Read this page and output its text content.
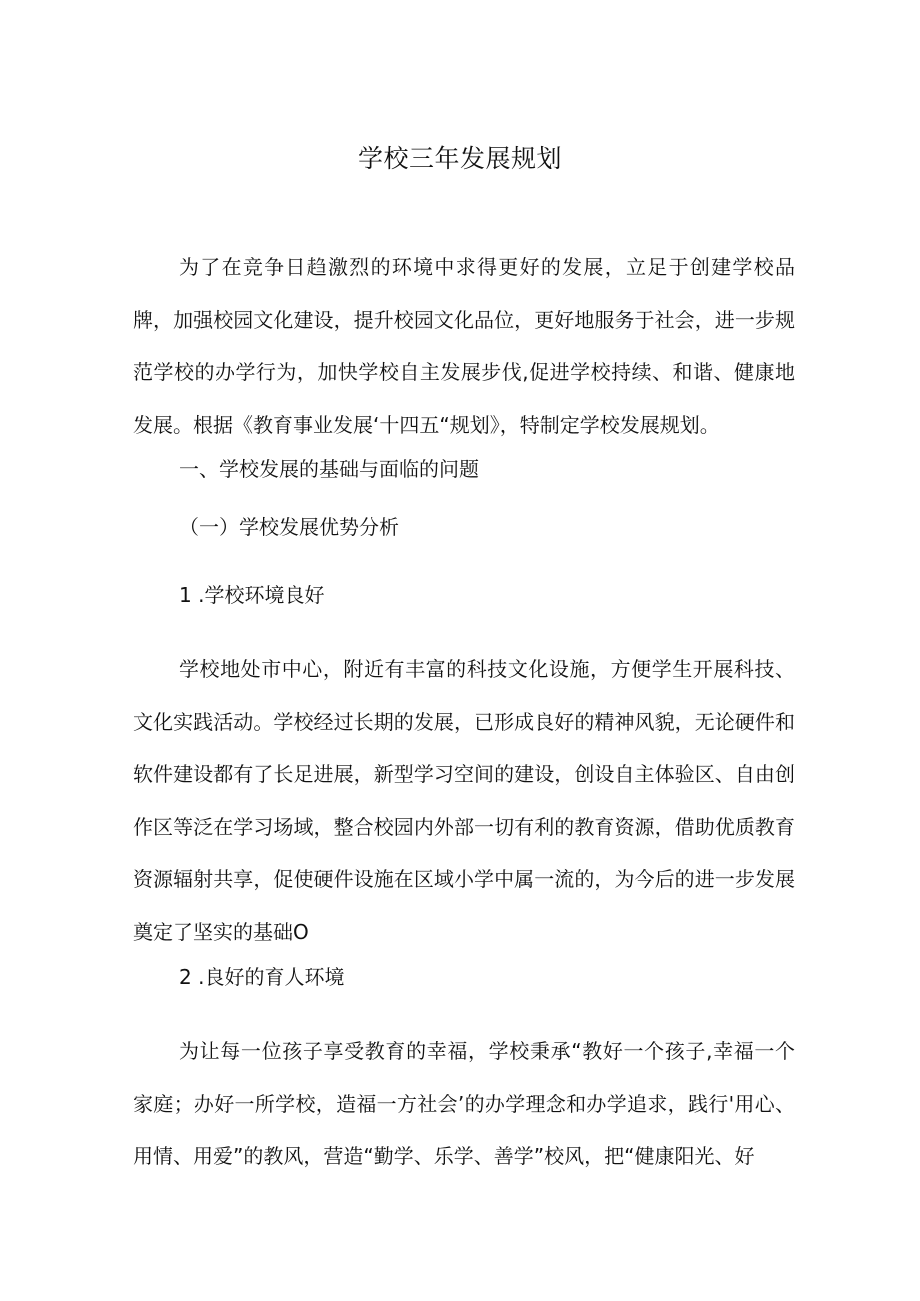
学校三年发展规划

为了在竞争日趋激烈的环境中求得更好的发展，立足于创建学校品牌，加强校园文化建设，提升校园文化品位，更好地服务于社会，进一步规范学校的办学行为，加快学校自主发展步伐,促进学校持续、和谐、健康地发展。根据《教育事业发展‘十四五“规划》，特制定学校发展规划。

一、学校发展的基础与面临的问题

（一）学校发展优势分析

1 .学校环境良好

学校地处市中心，附近有丰富的科技文化设施，方便学生开展科技、文化实践活动。学校经过长期的发展，已形成良好的精神风貌，无论硬件和软件建设都有了长足进展，新型学习空间的建设，创设自主体验区、自由创作区等泛在学习场域，整合校园内外部一切有利的教育资源，借助优质教育资源辐射共享，促使硬件设施在区域小学中属一流的，为今后的进一步发展奠定了坚实的基础O

2 .良好的育人环境

为让每一位孩子享受教育的幸福，学校秉承“教好一个孩子,幸福一个家庭；办好一所学校，造福一方社会’的办学理念和办学追求，践行'用心、用情、用爱”的教风，营造“勤学、乐学、善学”校风，把“健康阳光、好
